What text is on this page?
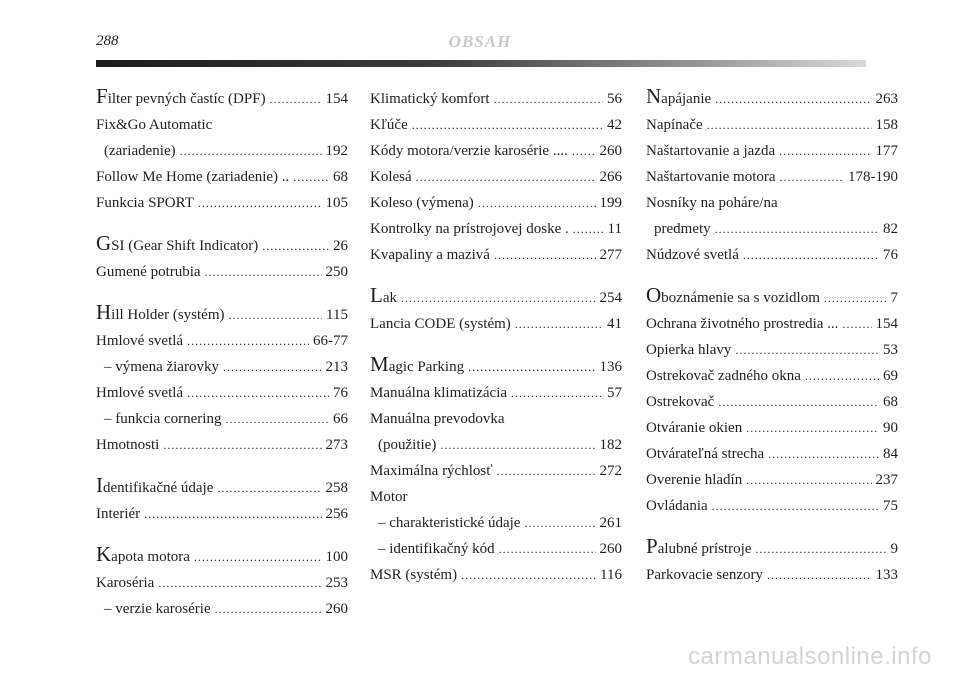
288	OBSAH
Filter pevných častíc (DPF) . . .	154
Fix&Go Automatic
(zariadenie) . . .	192
Follow Me Home (zariadenie) .. . . .	68
Funkcia SPORT . . .	105
GSI (Gear Shift Indicator) . . .	26
Gumené potrubia . . .	250
Hill Holder (systém) . . .	115
Hmlové svetlá . . .	66-77
– výmena žiarovky . . .	213
Hmlové svetlá . . .	76
– funkcia cornering . . .	66
Hmotnosti . . .	273
Identifikačné údaje . . .	258
Interiér . . .	256
Kapota motora . . .	100
Karoséria . . .	253
– verzie karosérie . . .	260
Klimatický komfort . . .	56
Kľúče . . .	42
Kódy motora/verzie karosérie .... . . . 260
Kolesá . . .	266
Koleso (výmena) . . .	199
Kontrolky na prístrojovej doske . . . .	11
Kvapaliny a mazivá . . .	277
Lak . . .	254
Lancia CODE (systém) . . .	41
Magic Parking . . .	136
Manuálna klimatizácia . . .	57
Manuálna prevodovka
(použitie) . . .	182
Maximálna rýchlosť . . .	272
Motor
– charakteristické údaje . . .	261
– identifikačný kód . . .	260
MSR (systém) . . .	116
Napájanie . . .	263
Napínače . . .	158
Naštartovanie a jazda . . .	177
Naštartovanie motora . . .	178-190
Nosníky na poháre/na
predmety . . .	82
Núdzové svetlá . . .	76
Oboznámenie sa s vozidlom . . .	7
Ochrana životného prostredia ... . . . 154
Opierka hlavy . . .	53
Ostrekovač zadného okna . . .	69
Ostrekovač . . .	68
Otváranie okien . . .	90
Otvárateľná strecha . . .	84
Overenie hladín . . .	237
Ovládania . . .	75
Palubné prístroje . . .	9
Parkovacie senzory . . .	133
carmanualsonline.info
